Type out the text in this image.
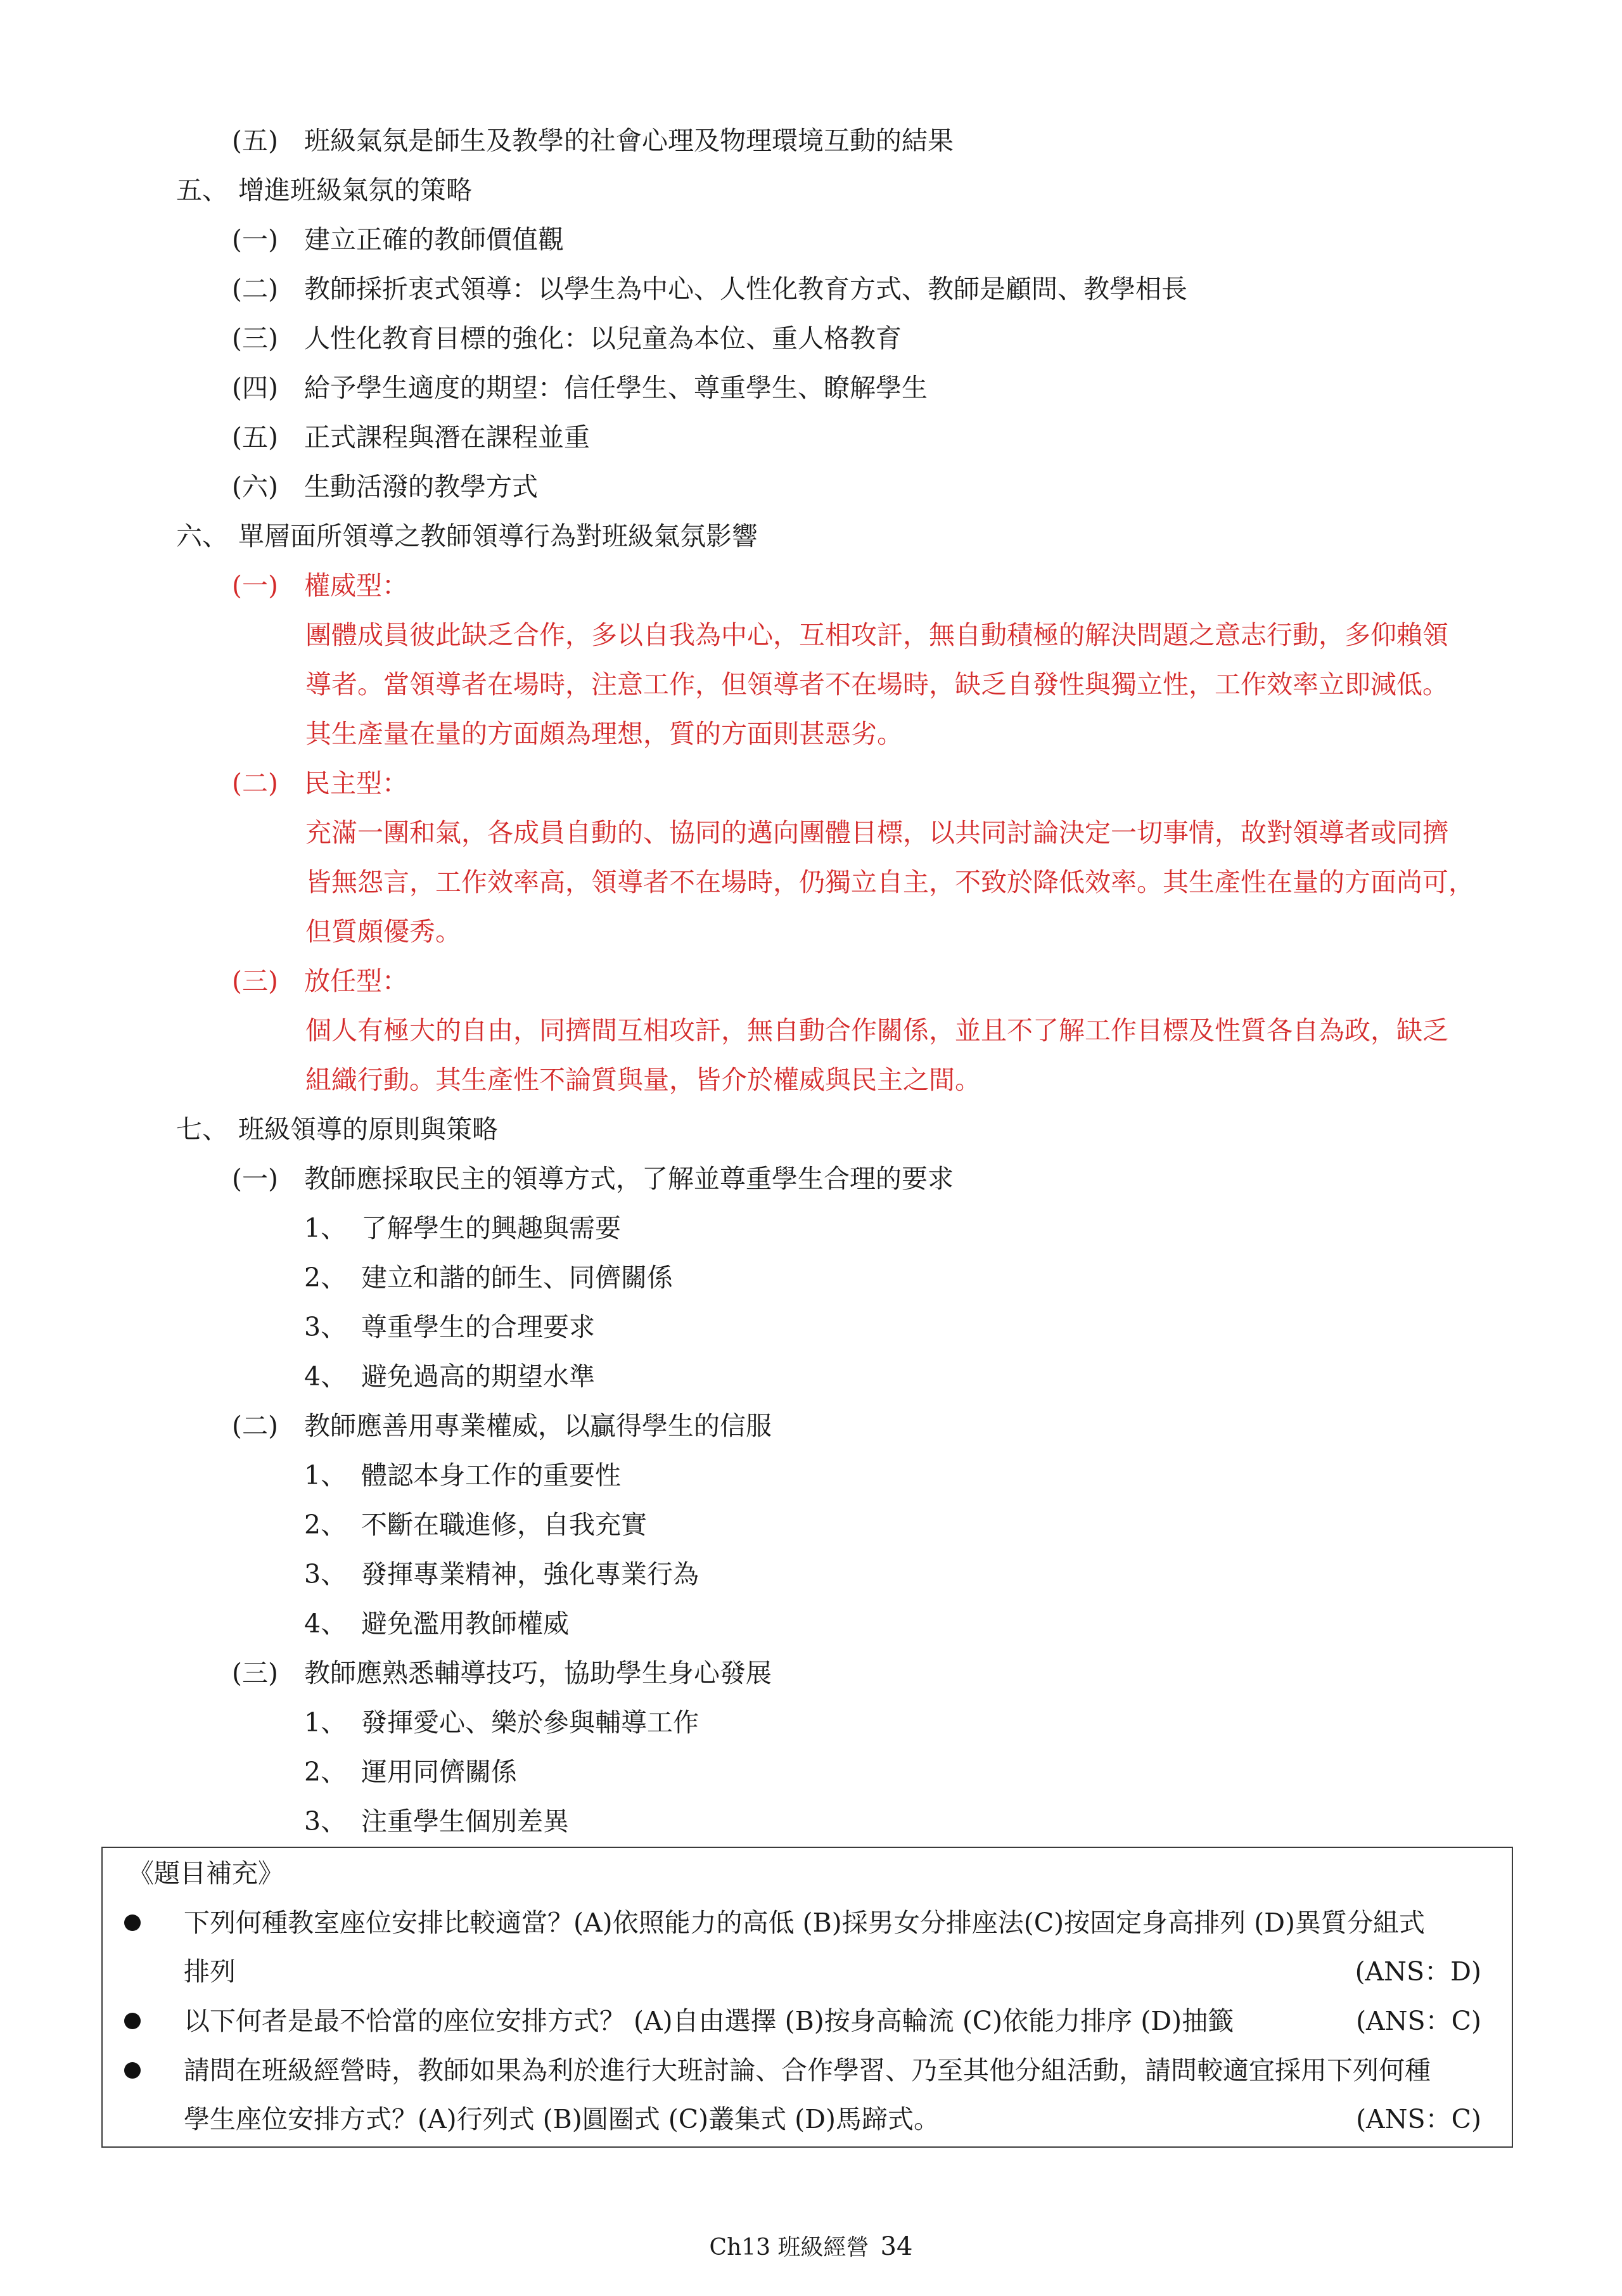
(五) 班級氣氛是師生及教學的社會心理及物理環境互動的結果
五、 增進班級氣氛的策略
(一) 建立正確的教師價值觀
(二) 教師採折衷式領導：以學生為中心、人性化教育方式、教師是顧問、教學相長
(三) 人性化教育目標的強化：以兒童為本位、重人格教育
(四) 給予學生適度的期望：信任學生、尊重學生、瞭解學生
(五) 正式課程與潛在課程並重
(六) 生動活潑的教學方式
六、 單層面所領導之教師領導行為對班級氣氛影響
(一) 權威型：
團體成員彼此缺乏合作，多以自我為中心，互相攻訐，無自動積極的解決問題之意志行動，多仰賴領
導者。當領導者在場時，注意工作，但領導者不在場時，缺乏自發性與獨立性，工作效率立即減低。
其生產量在量的方面頗為理想，質的方面則甚惡劣。
(二) 民主型：
充滿一團和氣，各成員自動的、協同的邁向團體目標，以共同討論決定一切事情，故對領導者或同擠
皆無怨言，工作效率高，領導者不在場時，仍獨立自主，不致於降低效率。其生產性在量的方面尚可，
但質頗優秀。
(三) 放任型：
個人有極大的自由，同擠間互相攻訐，無自動合作關係，並且不了解工作目標及性質各自為政，缺乏
組織行動。其生產性不論質與量，皆介於權威與民主之間。
七、 班級領導的原則與策略
(一) 教師應採取民主的領導方式，了解並尊重學生合理的要求
1、 了解學生的興趣與需要
2、 建立和諧的師生、同儕關係
3、 尊重學生的合理要求
4、 避免過高的期望水準
(二) 教師應善用專業權威，以贏得學生的信服
1、 體認本身工作的重要性
2、 不斷在職進修，自我充實
3、 發揮專業精神，強化專業行為
4、 避免濫用教師權威
(三) 教師應熟悉輔導技巧，協助學生身心發展
1、 發揮愛心、樂於參與輔導工作
2、 運用同儕關係
3、 注重學生個別差異
《題目補充》
下列何種教室座位安排比較適當？(A)依照能力的高低 (B)採男女分排座法(C)按固定身高排列 (D)異質分組式
排列	(ANS：D)
以下何者是最不恰當的座位安排方式？ (A)自由選擇 (B)按身高輪流 (C)依能力排序 (D)抽籤	(ANS：C)
請問在班級經營時，教師如果為利於進行大班討論、合作學習、乃至其他分組活動，請問較適宜採用下列何種
學生座位安排方式？(A)行列式 (B)圓圈式 (C)叢集式 (D)馬蹄式。	(ANS：C)
Ch13 班級經營 34
